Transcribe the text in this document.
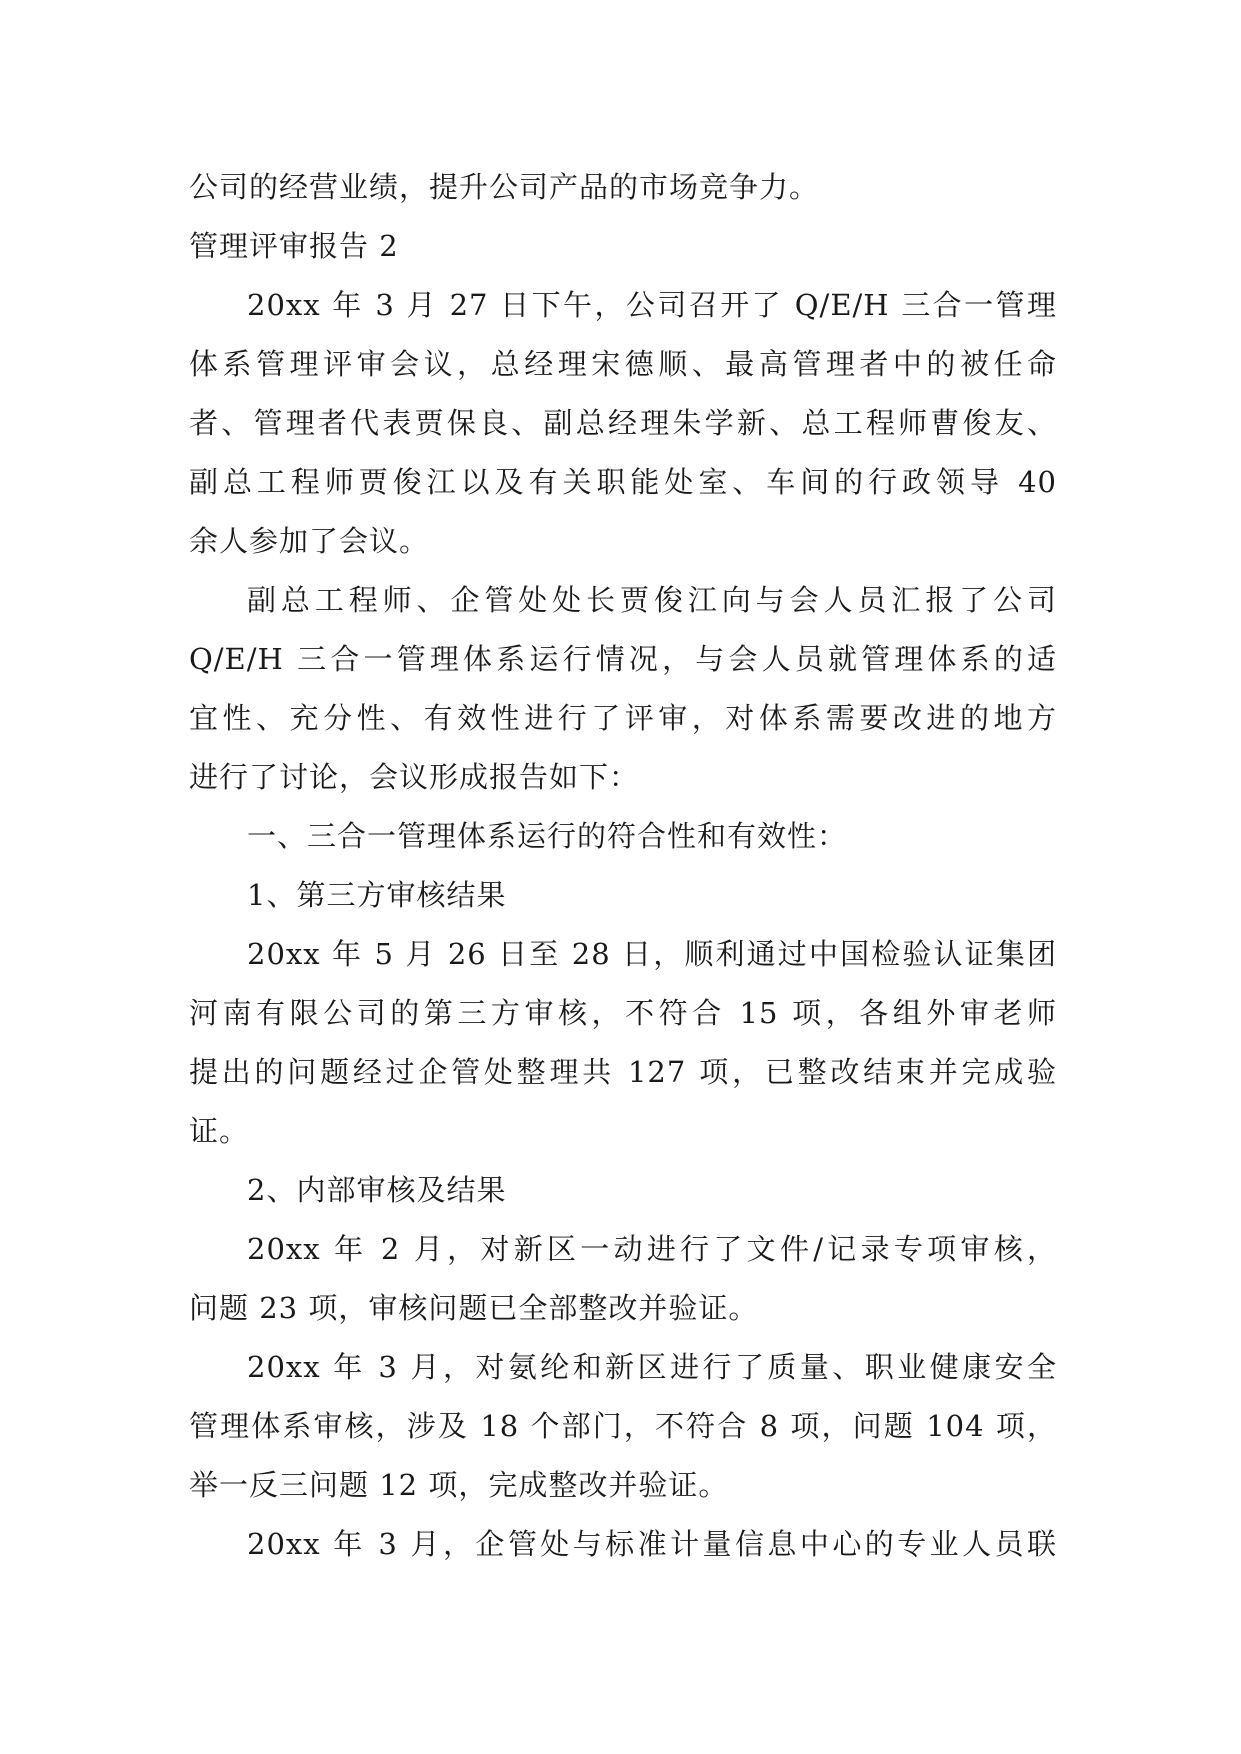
公司的经营业绩，提升公司产品的市场竞争力。
管理评审报告 2
20xx 年 3 月 27 日下午，公司召开了 Q/E/H 三合一管理
体系管理评审会议，总经理宋德顺、最高管理者中的被任命
者、管理者代表贾保良、副总经理朱学新、总工程师曹俊友、
副总工程师贾俊江以及有关职能处室、车间的行政领导 40
余人参加了会议。
副总工程师、企管处处长贾俊江向与会人员汇报了公司
Q/E/H 三合一管理体系运行情况，与会人员就管理体系的适
宜性、充分性、有效性进行了评审，对体系需要改进的地方
进行了讨论，会议形成报告如下：
一、三合一管理体系运行的符合性和有效性：
1、第三方审核结果
20xx 年 5 月 26 日至 28 日，顺利通过中国检验认证集团
河南有限公司的第三方审核，不符合 15 项，各组外审老师
提出的问题经过企管处整理共 127 项，已整改结束并完成验
证。
2、内部审核及结果
20xx 年 2 月，对新区一动进行了文件/记录专项审核，
问题 23 项，审核问题已全部整改并验证。
20xx 年 3 月，对氨纶和新区进行了质量、职业健康安全
管理体系审核，涉及 18 个部门，不符合 8 项，问题 104 项，
举一反三问题 12 项，完成整改并验证。
20xx 年 3 月，企管处与标准计量信息中心的专业人员联
